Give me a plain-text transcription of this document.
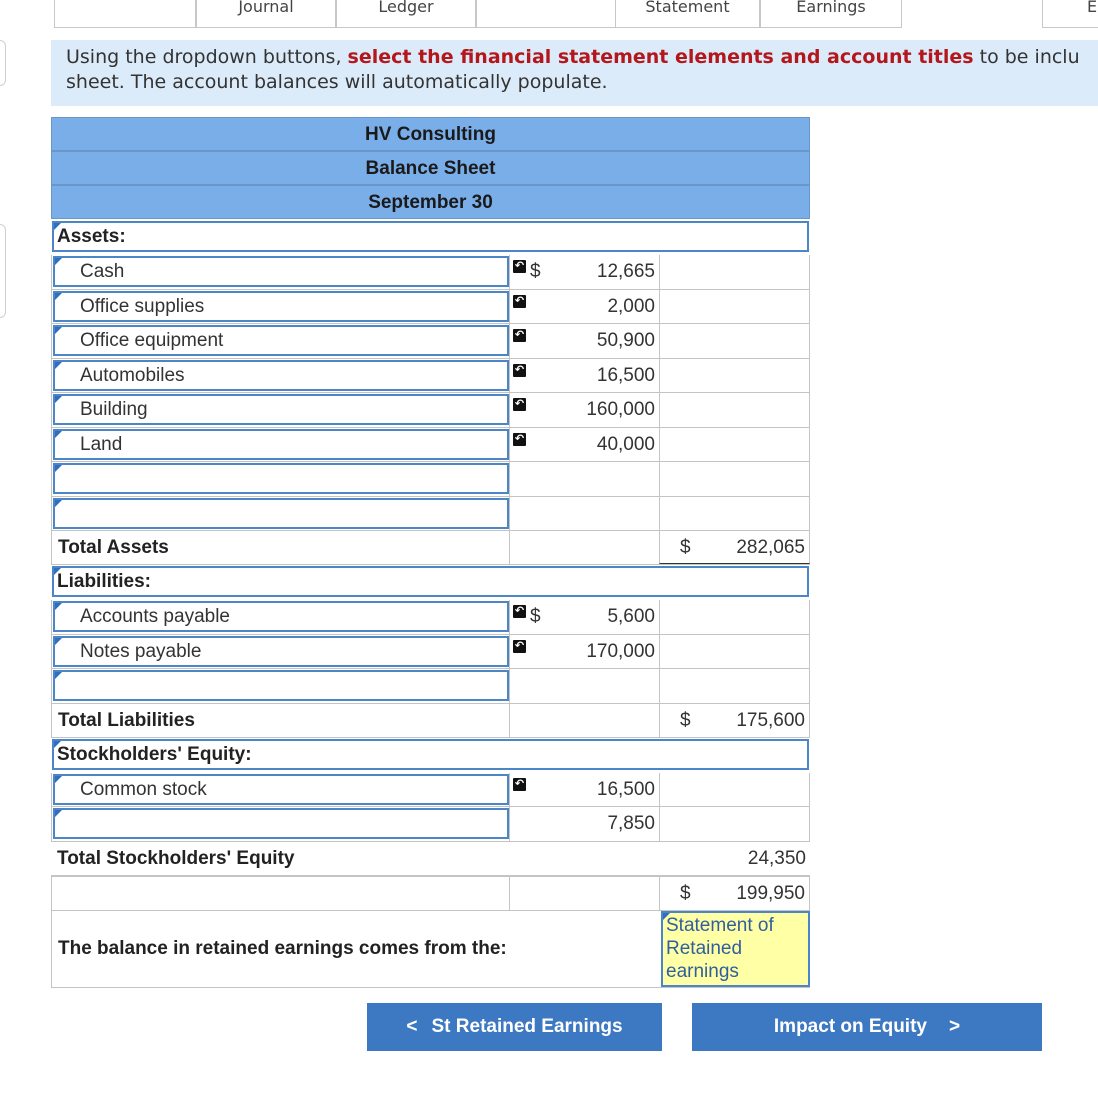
Journal	Ledger	Statement	Earnings	E
Using the dropdown buttons, select the financial statement elements and account titles to be inclu
sheet. The account balances will automatically populate.
HV Consulting
Balance Sheet
September 30
Assets:
Cash	↶ $	12,665
Office supplies	↶	2,000
Office equipment	↶	50,900
Automobiles	↶	16,500
Building	↶	160,000
Land	↶	40,000
Total Assets	$ 282,065
Liabilities:
Accounts payable	↶ $	5,600
Notes payable	↶	170,000
Total Liabilities	$ 175,600
Stockholders' Equity:
Common stock	↶	16,500
7,850
Total Stockholders' Equity	24,350
$ 199,950
The balance in retained earnings comes from the:
Statement of Retained earnings
< St Retained Earnings	Impact on Equity >
